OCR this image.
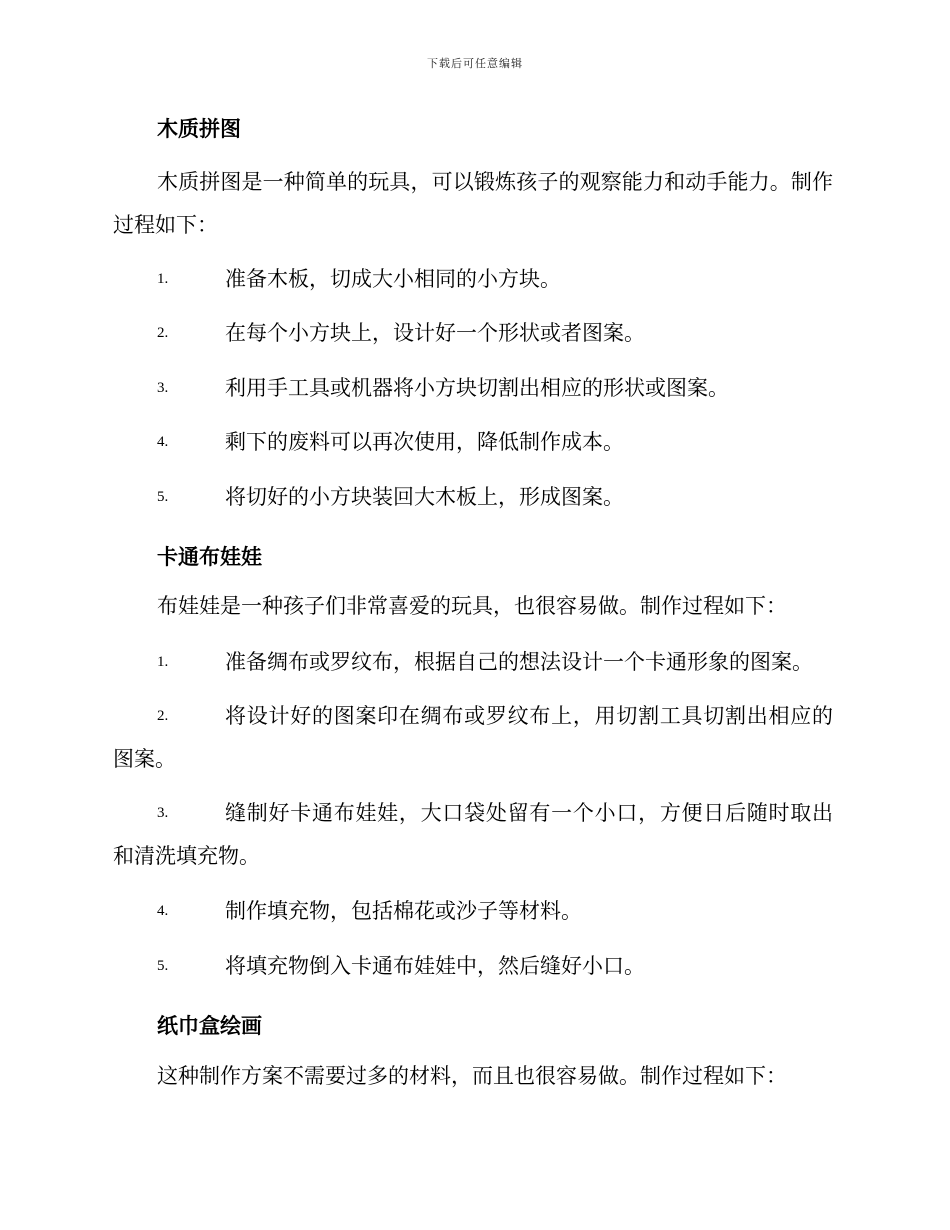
下载后可任意编辑
木质拼图
木质拼图是一种简单的玩具，可以锻炼孩子的观察能力和动手能力。制作过程如下：
1.	准备木板，切成大小相同的小方块。
2.	在每个小方块上，设计好一个形状或者图案。
3.	利用手工具或机器将小方块切割出相应的形状或图案。
4.	剩下的废料可以再次使用，降低制作成本。
5.	将切好的小方块装回大木板上，形成图案。
卡通布娃娃
布娃娃是一种孩子们非常喜爱的玩具，也很容易做。制作过程如下：
1.	准备绸布或罗纹布，根据自己的想法设计一个卡通形象的图案。
2.	将设计好的图案印在绸布或罗纹布上，用切割工具切割出相应的图案。
3.	缝制好卡通布娃娃，大口袋处留有一个小口，方便日后随时取出和清洗填充物。
4.	制作填充物，包括棉花或沙子等材料。
5.	将填充物倒入卡通布娃娃中，然后缝好小口。
纸巾盒绘画
这种制作方案不需要过多的材料，而且也很容易做。制作过程如下：
